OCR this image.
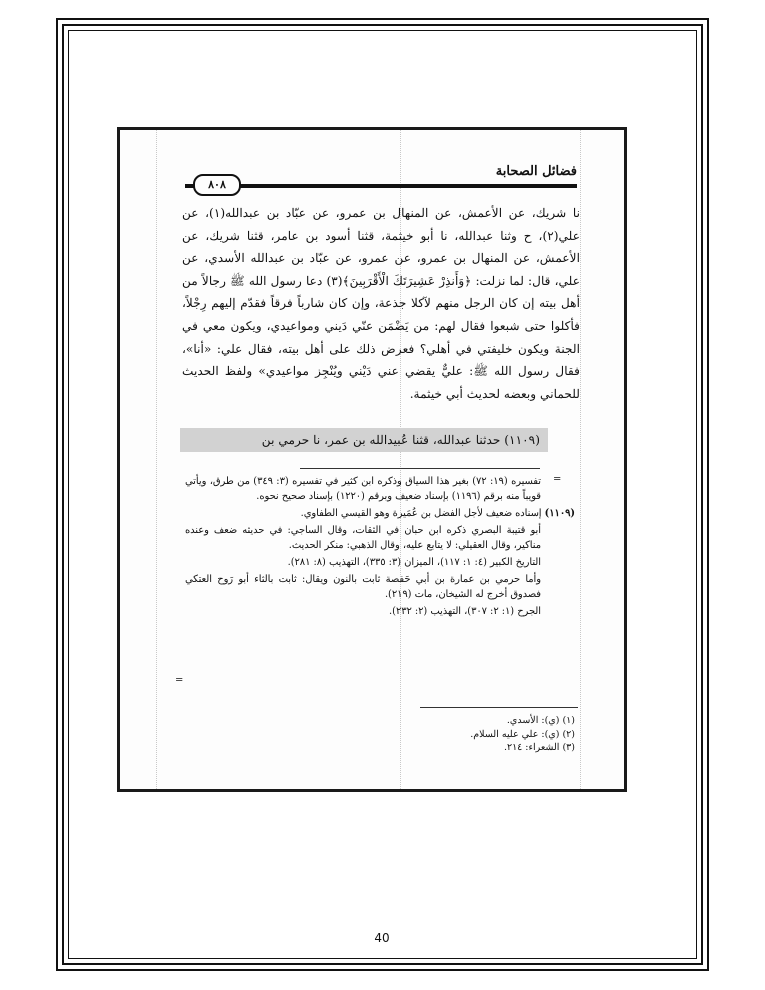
فضائل الصحابة
٨٠٨

نا شريك، عن الأعمش، عن المنهال بن عمرو، عن عبّاد بن عبدالله(١)، عن علي(٢)، ح وثنا عبدالله، نا أبو خيثمة، قثنا أسود بن عامر، قثنا شريك، عن الأعمش، عن المنهال بن عمرو، عن عمرو، عن عبّاد بن عبدالله الأسدي، عن علي، قال: لما نزلت: ﴿وَأَنذِرْ عَشِيرَتَكَ الْأَقْرَبِينَ﴾(٣) دعا رسول الله ﷺ رجالاً من أهل بيته إن كان الرجل منهم لآكلا جذعة، وإن كان شارباً فرقاً فقدّم إليهم رِجْلاً، فأكلوا حتى شبعوا فقال لهم: من يَضْمَن عنّي دَيني ومواعيدي، ويكون معي في الجنة ويكون خليفتي في أهلي؟ فعرض ذلك على أهل بيته، فقال علي: «أنا»، فقال رسول الله ﷺ: عليٌّ يقضي عني دَيْني ويُنْجِز مواعيدي» ولفظ الحديث للحماني وبعضه لحديث أبي خيثمة.

(١١٠٩) حدثنا عبدالله، قثنا عُبيدالله بن عمر، نا حرمي بن
=

تفسيره (١٩: ٧٢) بغير هذا السياق وذكره ابن كثير في تفسيره (٣: ٣٤٩) من طرق، ويأتي قويباً منه برقم (١١٩٦) بإسناد ضعيف وبرقم (١٢٢٠) بإسناد صحيح نحوه.

(١١٠٩) إسناده ضعيف لأجل الفضل بن عُمَيرة وهو القيسي الطفاوي.

أبو قتيبة البصري ذكره ابن حبان في الثقات، وقال الساجي: في حديثه ضعف وعنده مناكير، وقال العقيلي: لا يتابع عليه، وقال الذهبي: منكر الحديث.

التاريخ الكبير (٤: ١: ١١٧)، الميزان (٣: ٣٣٥)، التهذيب (٨: ٢٨١).

وأما حرمي بن عمارة بن أبي حَفصة ثابت بالنون ويقال: ثابت بالثاء أبو رَوح العتكي فصدوق أخرج له الشيخان، مات (٢١٩).

الجرح (١: ٢: ٣٠٧)، التهذيب (٢: ٢٣٢).

=

(١) (ي): الأسدي.

(٢) (ي): علي عليه السلام.

(٣) الشعراء: ٢١٤.

40
